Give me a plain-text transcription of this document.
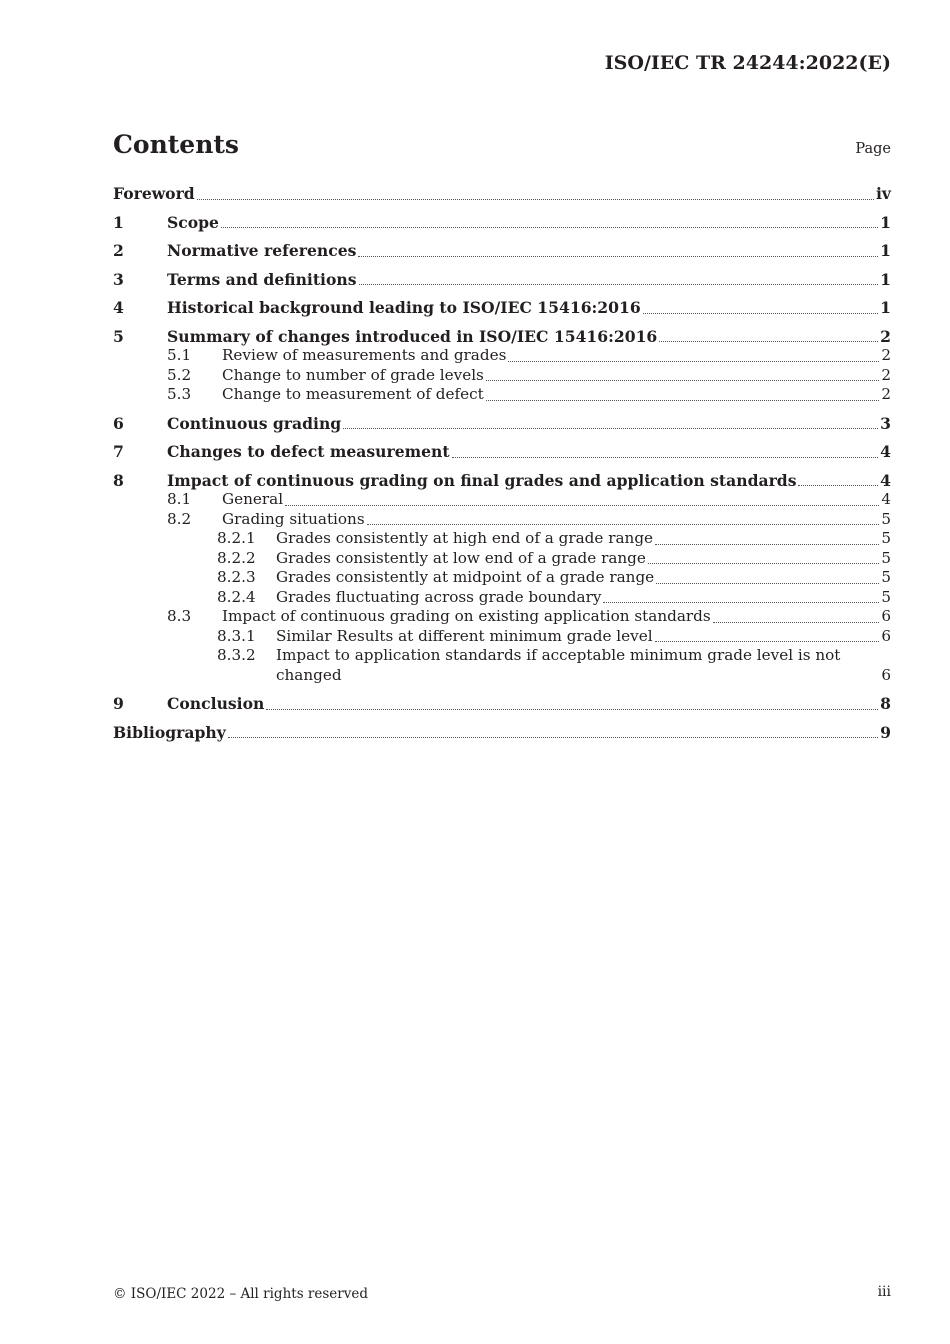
ISO/IEC TR 24244:2022(E)
Contents	Page
Foreword	iv
1	Scope	1
2	Normative references	1
3	Terms and definitions	1
4	Historical background leading to ISO/IEC 15416:2016	1
5	Summary of changes introduced in ISO/IEC 15416:2016	2
5.1	Review of measurements and grades	2
5.2	Change to number of grade levels	2
5.3	Change to measurement of defect	2
6	Continuous grading	3
7	Changes to defect measurement	4
8	Impact of continuous grading on final grades and application standards	4
8.1	General	4
8.2	Grading situations	5
8.2.1	Grades consistently at high end of a grade range	5
8.2.2	Grades consistently at low end of a grade range	5
8.2.3	Grades consistently at midpoint of a grade range	5
8.2.4	Grades fluctuating across grade boundary	5
8.3	Impact of continuous grading on existing application standards	6
8.3.1	Similar Results at different minimum grade level	6
8.3.2	Impact to application standards if acceptable minimum grade level is not changed	6
9	Conclusion	8
Bibliography	9
© ISO/IEC 2022 – All rights reserved	iii
